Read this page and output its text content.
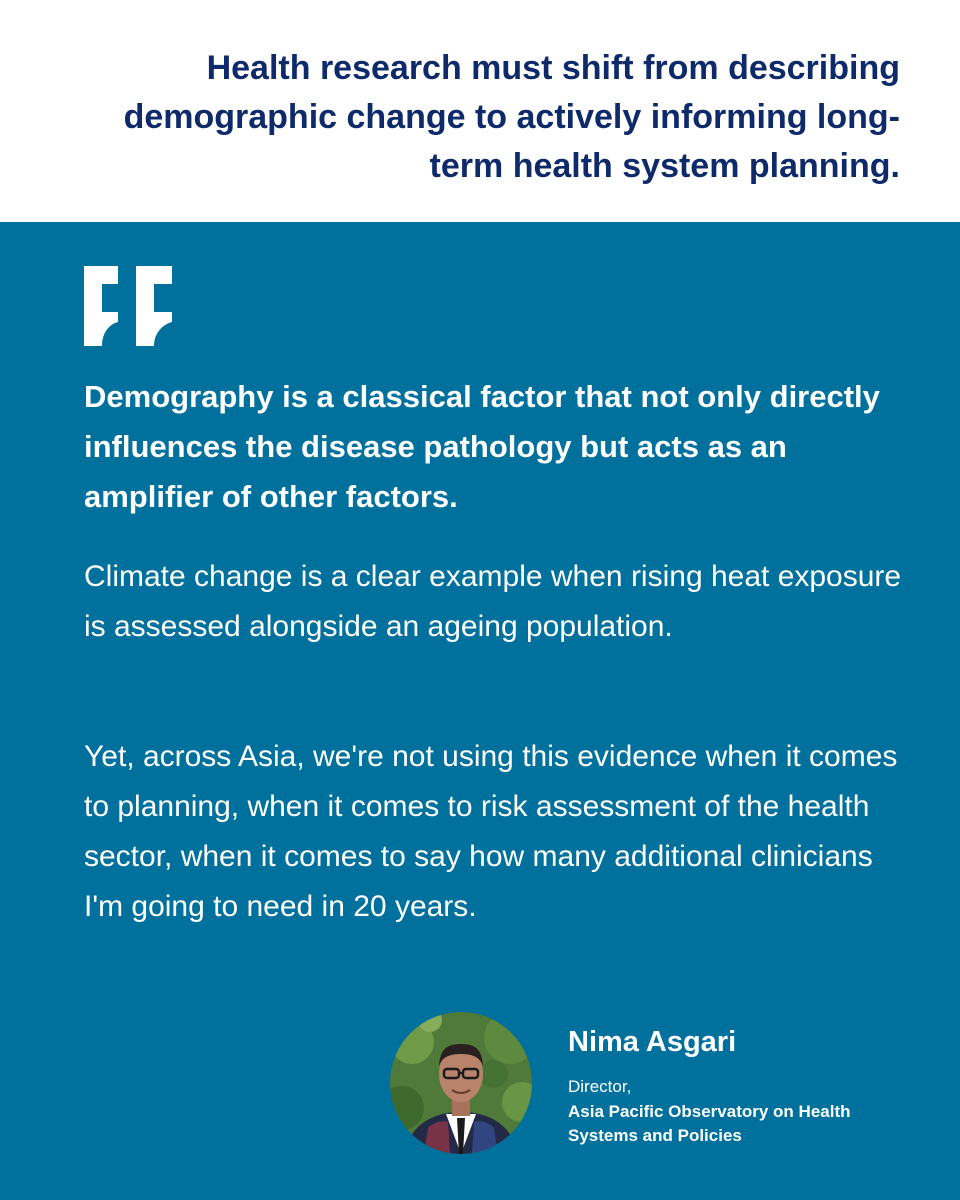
Health research must shift from describing demographic change to actively informing long-term health system planning.

Demography is a classical factor that not only directly influences the disease pathology but acts as an amplifier of other factors.

Climate change is a clear example when rising heat exposure is assessed alongside an ageing population.

Yet, across Asia, we're not using this evidence when it comes to planning, when it comes to risk assessment of the health sector, when it comes to say how many additional clinicians I'm going to need in 20 years.

Nima Asgari

Director,

Asia Pacific Observatory on Health Systems and Policies
